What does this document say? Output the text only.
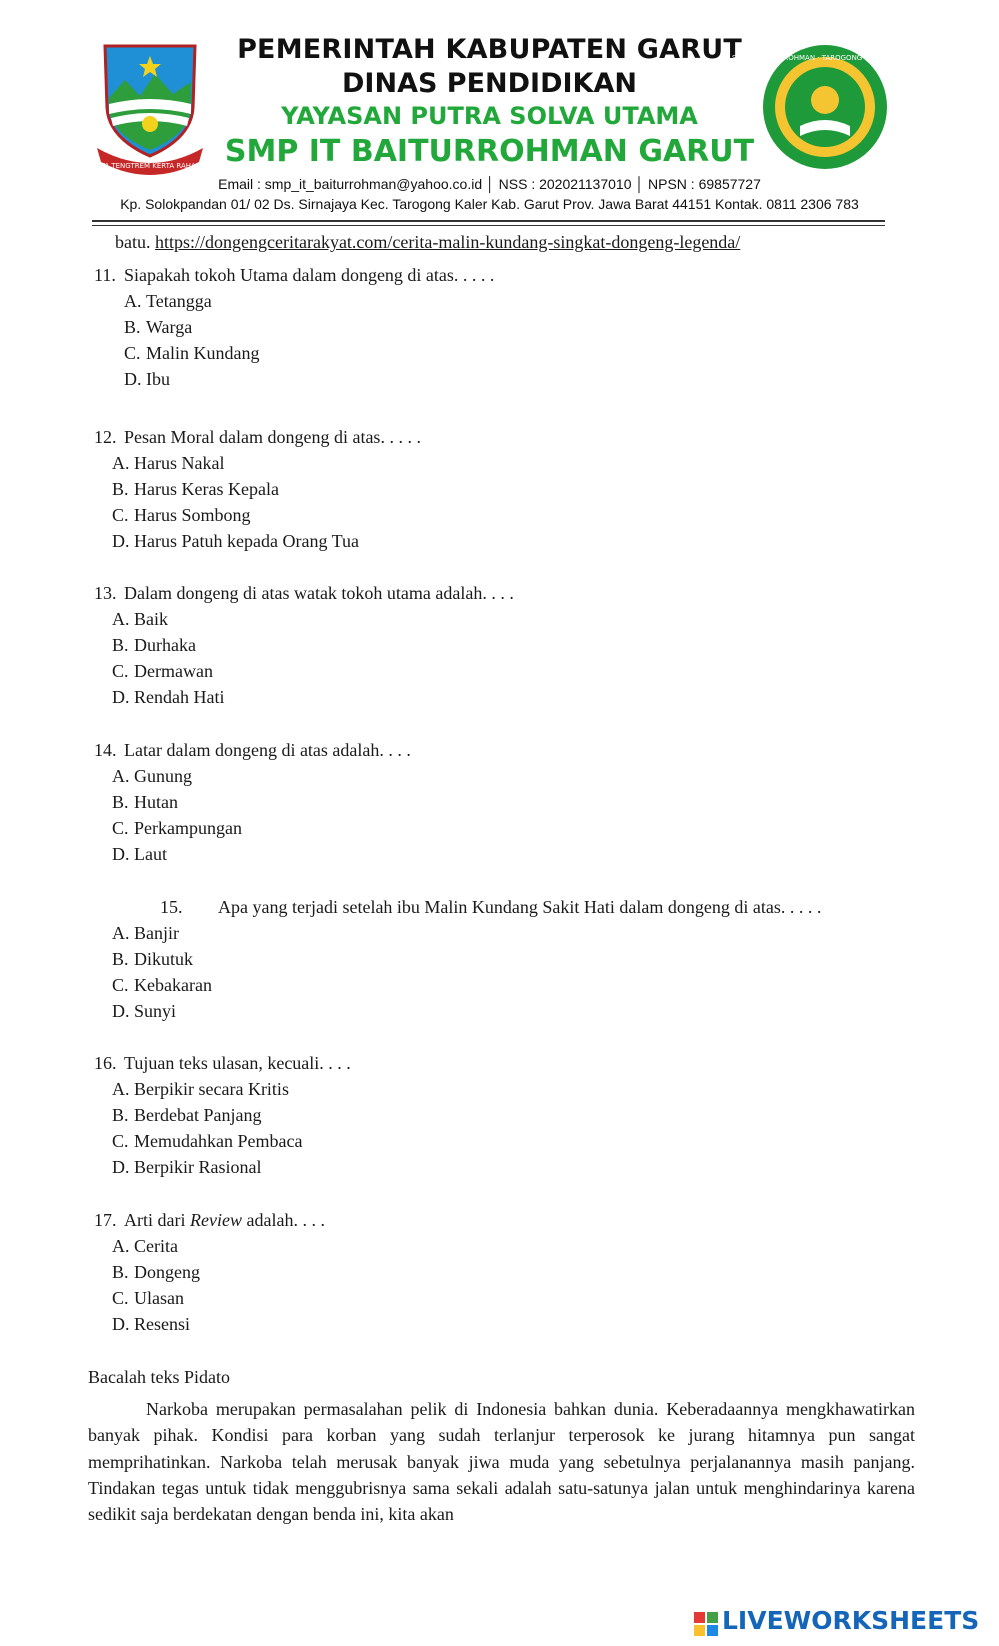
TATA TENGTREM KERTA RAHARJA
PEMERINTAH KABUPATEN GARUT
DINAS PENDIDIKAN
YAYASAN PUTRA SOLVA UTAMA
SMP IT BAITURROHMAN GARUT
Email : smp_it_baiturrohman@yahoo.co.id │ NSS : 202021137010 │ NPSN : 69857727
Kp. Solokpandan 01/ 02 Ds. Sirnajaya Kec. Tarogong Kaler Kab. Garut Prov. Jawa Barat 44151 Kontak. 0811 2306 783
SMP IT BAITURROHMAN · TAROGONG KALER · GARUT
batu. https://dongengceritarakyat.com/cerita-malin-kundang-singkat-dongeng-legenda/
11. Siapakah tokoh Utama dalam dongeng di atas. . . . .
A. Tetangga
B. Warga
C. Malin Kundang
D. Ibu
12. Pesan Moral dalam dongeng di atas. . . . .
A. Harus Nakal
B. Harus Keras Kepala
C. Harus Sombong
D. Harus Patuh kepada Orang Tua
13. Dalam dongeng di atas watak tokoh utama adalah. . . .
A. Baik
B. Durhaka
C. Dermawan
D. Rendah Hati
14. Latar dalam dongeng di atas adalah. . . .
A. Gunung
B. Hutan
C. Perkampungan
D. Laut
15. Apa yang terjadi setelah ibu Malin Kundang Sakit Hati dalam dongeng di atas. . . . .
A. Banjir
B. Dikutuk
C. Kebakaran
D. Sunyi
16. Tujuan teks ulasan, kecuali. . . .
A. Berpikir secara Kritis
B. Berdebat Panjang
C. Memudahkan Pembaca
D. Berpikir Rasional
17. Arti dari Review adalah. . . .
A. Cerita
B. Dongeng
C. Ulasan
D. Resensi
Bacalah teks Pidato

Narkoba merupakan permasalahan pelik di Indonesia bahkan dunia. Keberadaannya mengkhawatirkan banyak pihak. Kondisi para korban yang sudah terlanjur terperosok ke jurang hitamnya pun sangat memprihatinkan. Narkoba telah merusak banyak jiwa muda yang sebetulnya perjalanannya masih panjang. Tindakan tegas untuk tidak menggubrisnya sama sekali adalah satu-satunya jalan untuk menghindarinya karena sedikit saja berdekatan dengan benda ini, kita akan

LIVEWORKSHEETS
